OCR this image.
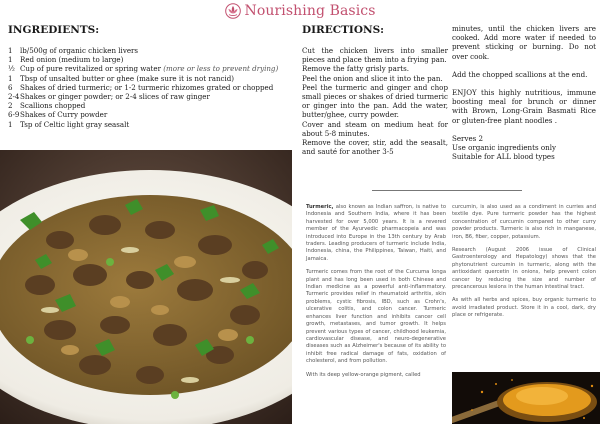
Nourishing Basics
INGREDIENTS:
1	lb/500g of organic chicken livers
1	Red onion (medium to large)
½ Cup of pure revitalized or spring water (more or less to prevent drying)
1	Tbsp of unsalted butter or ghee (make sure it is not rancid)
6	Shakes of dried turmeric; or 1-2 turmeric rhizomes grated or chopped
2-4 Shakes or ginger powder; or 2-4 slices of raw ginger
2	Scallions chopped
6-9 Shakes of Curry powder
1	Tsp of Celtic light gray seasalt
DIRECTIONS:

Cut the chicken livers into smaller pieces and place them into a frying pan.

Remove the fatty grisly parts.

Peel the onion and slice it into the pan.

Peel the turmeric and ginger and chop small pieces or shakes of dried turmeric or ginger into the pan. Add the water, butter/ghee, curry powder.

Cover and steam on medium heat for about 5-8 minutes.

Remove the cover, stir, add the seasalt, and sauté for another 3-5

minutes, until the chicken livers are cooked. Add more water if needed to prevent sticking or burning. Do not over cook.

Add the chopped scallions at the end.

ENJOY this highly nutritious, immune boosting meal for brunch or dinner with Brown, Long-Grain Basmati Rice or gluten-free plant noodles .

Serves 2
Use organic ingredients only
Suitable for ALL blood types

Turmeric, also known as Indian saffron, is native to Indonesia and Southern India, where it has been harvested for over 5,000 years. It is a revered member of the Ayurvedic pharmacopeia and was introduced into Europe in the 13th century by Arab traders. Leading producers of turmeric include India, Indonesia, china, the Philippines, Taiwan, Haiti, and Jamaica.

Turmeric comes from the root of the Curcuma longa plant and has long been used in both Chinese and Indian medicine as a powerful anti-inflammatory. Turmeric provides relief in rheumatoid arthritis, skin problems, cystic fibrosis, IBD, such as Crohn's, ulcerative colitis, and colon cancer. Turmeric enhances liver function and inhibits cancer cell growth, metastases, and tumor growth. It helps prevent various types of cancer, childhood leukemia, cardiovascular disease, and neuro-degenerative diseases such as Alzheimer's because of its ability to inhibit free radical damage of fats, oxidation of cholesterol, and from pollution.

With its deep yellow-orange pigment, called

curcumin, is also used as a condiment in curries and textile dye. Pure turmeric powder has the highest concentration of curcumin compared to other curry powder products. Turmeric is also rich in manganese, iron, B6, fiber, copper, potassium.

Research (August 2006 issue of Clinical Gastroenterology and Hepatology) shows that the phytonutrient curcumin in turmeric, along with the antioxidant quercetin in onions, help prevent colon cancer by reducing the size and number of precancerous lesions in the human intestinal tract.

As with all herbs and spices, buy organic turmeric to avoid irradiated product. Store it in a cool, dark, dry place or refrigerate.
